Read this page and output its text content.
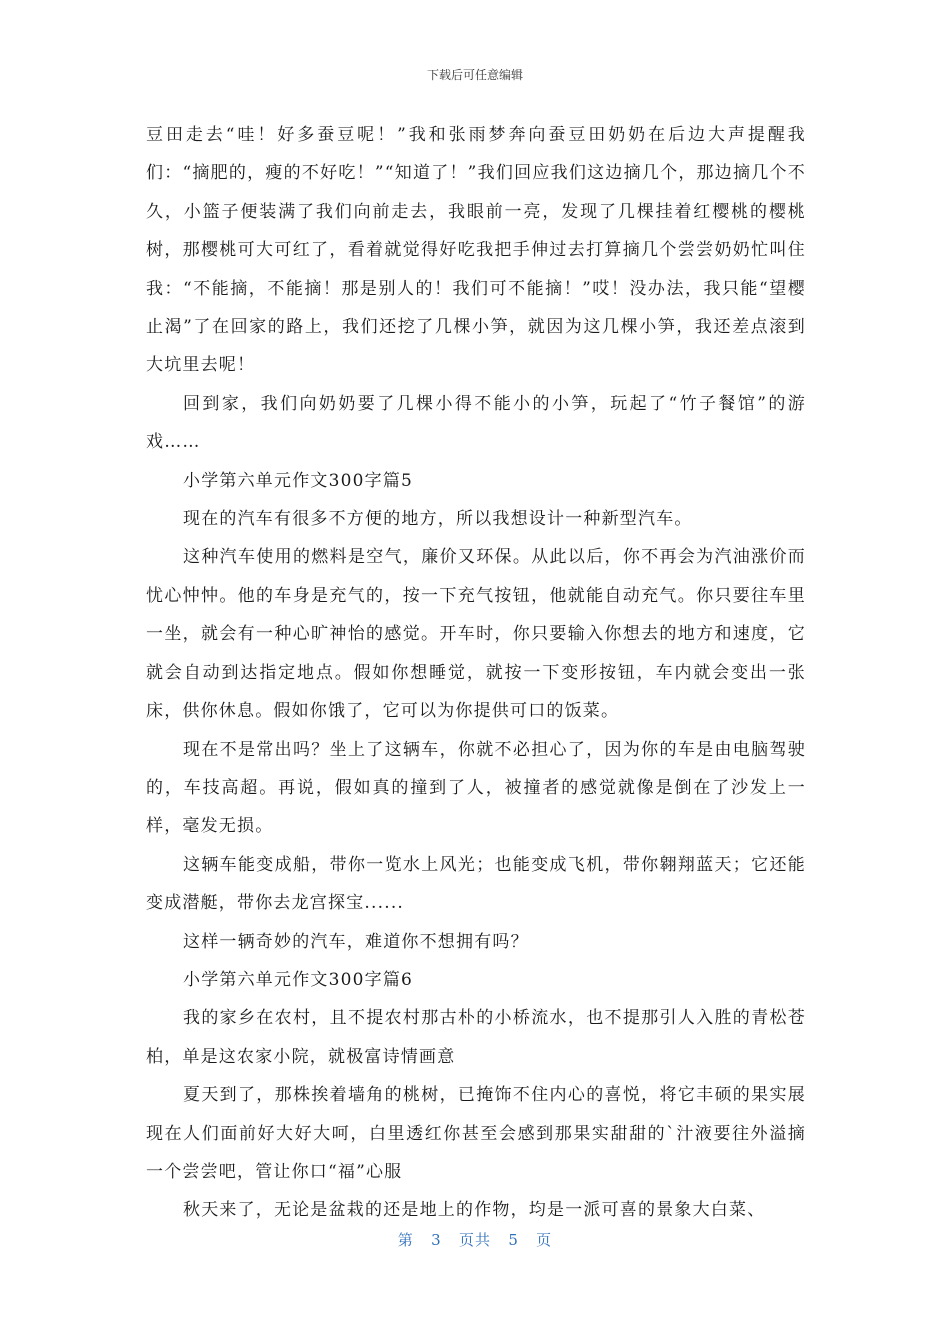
下载后可任意编辑

豆田走去“哇！好多蚕豆呢！”我和张雨梦奔向蚕豆田奶奶在后边大声提醒我们：“摘肥的，瘦的不好吃！”“知道了！”我们回应我们这边摘几个，那边摘几个不久，小篮子便装满了我们向前走去，我眼前一亮，发现了几棵挂着红樱桃的樱桃树，那樱桃可大可红了，看着就觉得好吃我把手伸过去打算摘几个尝尝奶奶忙叫住我：“不能摘，不能摘！那是别人的！我们可不能摘！”哎！没办法，我只能“望樱止渴”了在回家的路上，我们还挖了几棵小笋，就因为这几棵小笋，我还差点滚到大坑里去呢！

回到家，我们向奶奶要了几棵小得不能小的小笋，玩起了“竹子餐馆”的游戏……

小学第六单元作文300字篇5

现在的汽车有很多不方便的地方，所以我想设计一种新型汽车。

这种汽车使用的燃料是空气，廉价又环保。从此以后，你不再会为汽油涨价而忧心忡忡。他的车身是充气的，按一下充气按钮，他就能自动充气。你只要往车里一坐，就会有一种心旷神怡的感觉。开车时，你只要输入你想去的地方和速度，它就会自动到达指定地点。假如你想睡觉，就按一下变形按钮，车内就会变出一张床，供你休息。假如你饿了，它可以为你提供可口的饭菜。

现在不是常出吗？坐上了这辆车，你就不必担心了，因为你的车是由电脑驾驶的，车技高超。再说，假如真的撞到了人，被撞者的感觉就像是倒在了沙发上一样，毫发无损。

这辆车能变成船，带你一览水上风光；也能变成飞机，带你翱翔蓝天；它还能变成潜艇，带你去龙宫探宝......

这样一辆奇妙的汽车，难道你不想拥有吗？

小学第六单元作文300字篇6

我的家乡在农村，且不提农村那古朴的小桥流水，也不提那引人入胜的青松苍柏，单是这农家小院，就极富诗情画意

夏天到了，那株挨着墙角的桃树，已掩饰不住内心的喜悦，将它丰硕的果实展现在人们面前好大好大呵，白里透红你甚至会感到那果实甜甜的`汁液要往外溢摘一个尝尝吧，管让你口“福”心服

秋天来了，无论是盆栽的还是地上的作物，均是一派可喜的景象大白菜、

第 3 页共 5 页
